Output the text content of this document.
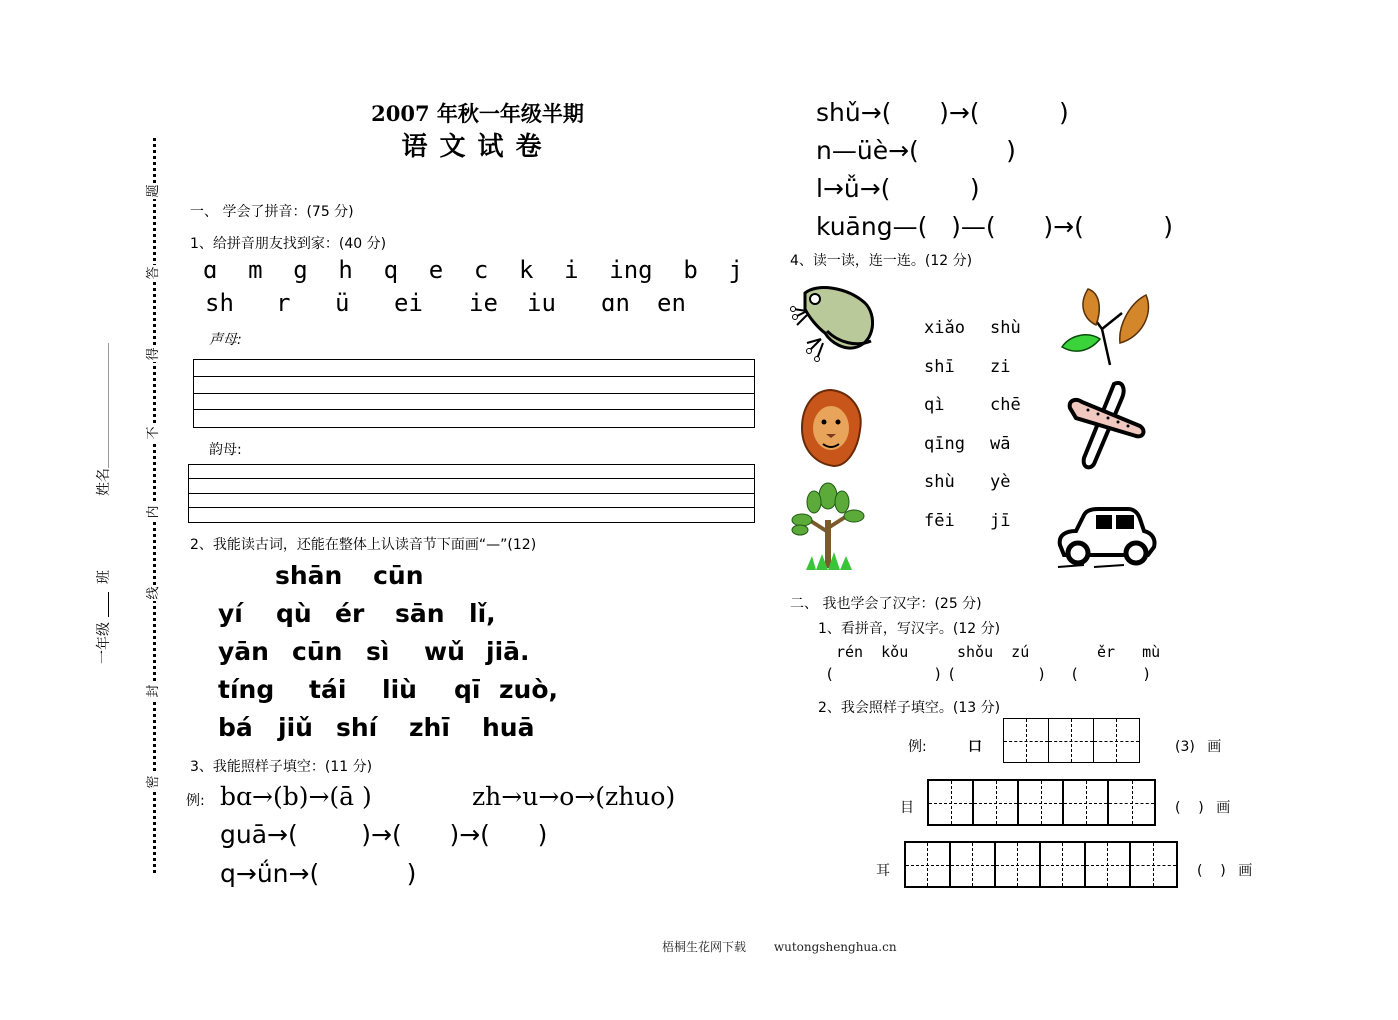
题
答
得
不
内
线
封
密
姓名
一年级
班
2007 年秋一年级半期
语文试卷
一、 学会了拼音：(75 分)
1、给拼音朋友找到家：(40 分)
ɑ m g h q e c k i ing b j
sh r ü ei ie iu ɑn en
声母:
韵母:
2、我能读古词，还能在整体上认读音节下面画“—”(12)
shān cūn
yí qù ér sān lǐ,
yān cūn sì wǔ jiā.
tíng tái liù qī zuò,
bá jiǔ shí zhī huā
3、我能照样子填空：(11 分)
例: bɑ→(b)→(ā )	zh→u→o→(zhuo)
guā→(        )→(      )→(      )
q→ǘn→(           )
shǔ→(      )→(          )
n—üè→(           )
l→ǚ→(          )
kuāng—(   )—(      )→(          )
4、读一读，连一连。(12 分)
xiǎo	shù
shī	zi
qì	chē
qīng	wā
shù	yè
fēi	jī
二、 我也学会了汉字：(25 分)
1、看拼音，写汉字。(12 分)
rén  kǒu	shǒu  zú	ěr   mù
(           ) (         ) (       )
2、我会照样子填空。(13 分)
例:	口	(3) 画
目	(    ) 画
耳	(    ) 画
梧桐生花网下载 wutongshenghua.cn
